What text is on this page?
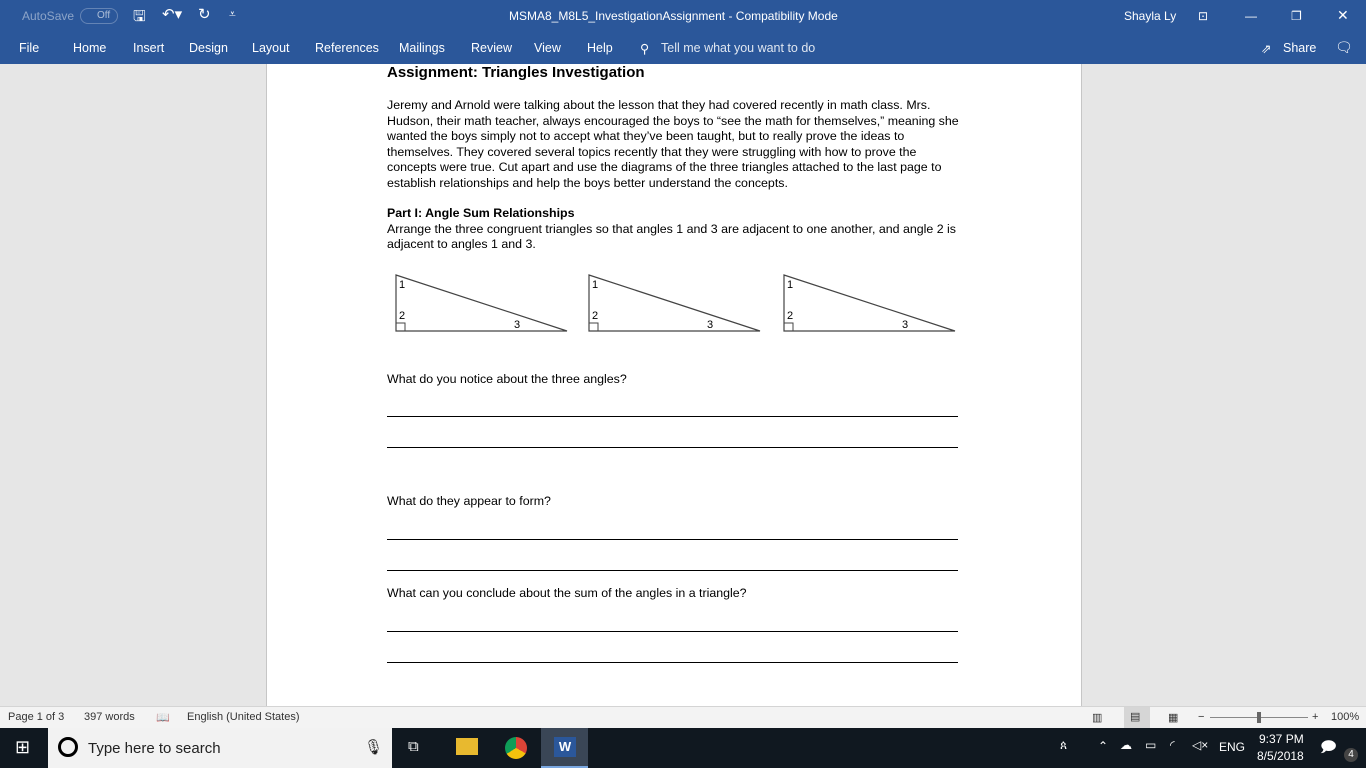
AutoSave	Off	🖫 ↶▾ ↻ ⩡	MSMA8_M8L5_InvestigationAssignment - Compatibility Mode	Shayla Ly ⊡	—	❐	✕
File	Home Insert Design Layout References Mailings Review View Help ⚲ Tell me what you want to do	⇗ Share 🗨
Assignment: Triangles Investigation
Jeremy and Arnold were talking about the lesson that they had covered recently in math class. Mrs. Hudson, their math teacher, always encouraged the boys to “see the math for themselves,” meaning she wanted the boys simply not to accept what they’ve been taught, but to really prove the ideas to themselves. They covered several topics recently that they were struggling with how to prove the concepts were true. Cut apart and use the diagrams of the three triangles attached to the last page to establish relationships and help the boys better understand the concepts.
Part I: Angle Sum Relationships
Arrange the three congruent triangles so that angles 1 and 3 are adjacent to one another, and angle 2 is adjacent to angles 1 and 3.
1
2
3
1
2
3
1
2
3
What do you notice about the three angles?
What do they appear to form?
What can you conclude about the sum of the angles in a triangle?
Page 1 of 3 397 words 📖 English (United States)	▥	▤	▦ −	+ 100%
⊞	Type here to search	🎙 ⧉	W	ጰ	⌃ ☁ ▭ ◜ ◁× ENG
9:37 PM
8/5/2018 🗩	4
